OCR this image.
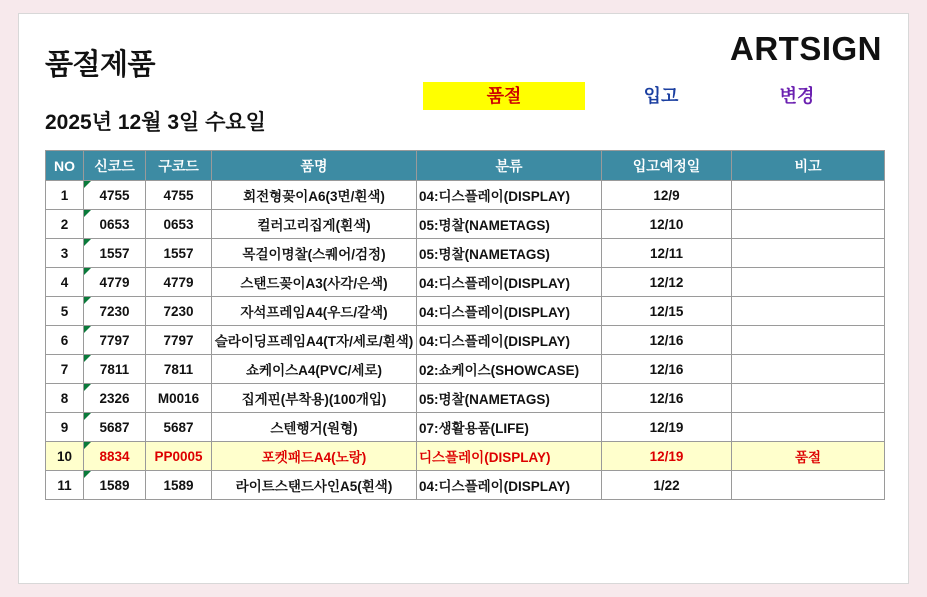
품절제품	ARTSIGN
품절	입고	변경
2025년 12월 3일 수요일
NO	신코드	구코드	품명	분류	입고예정일	비고
1	4755	4755	회전형꽂이A6(3면/흰색)	04:디스플레이(DISPLAY)	12/9	
2	0653	0653	컬러고리집게(흰색)	05:명찰(NAMETAGS)	12/10	
3	1557	1557	목걸이명찰(스퀘어/검정)	05:명찰(NAMETAGS)	12/11	
4	4779	4779	스탠드꽂이A3(사각/은색)	04:디스플레이(DISPLAY)	12/12	
5	7230	7230	자석프레임A4(우드/갈색)	04:디스플레이(DISPLAY)	12/15	
6	7797	7797	슬라이딩프레임A4(T자/세로/흰색)	04:디스플레이(DISPLAY)	12/16	
7	7811	7811	쇼케이스A4(PVC/세로)	02:쇼케이스(SHOWCASE)	12/16	
8	2326	M0016	집게핀(부착용)(100개입)	05:명찰(NAMETAGS)	12/16	
9	5687	5687	스텐행거(원형)	07:생활용품(LIFE)	12/19	
10	8834	PP0005	포켓패드A4(노랑)	디스플레이(DISPLAY)	12/19	품절
11	1589	1589	라이트스탠드사인A5(흰색)	04:디스플레이(DISPLAY)	1/22	
